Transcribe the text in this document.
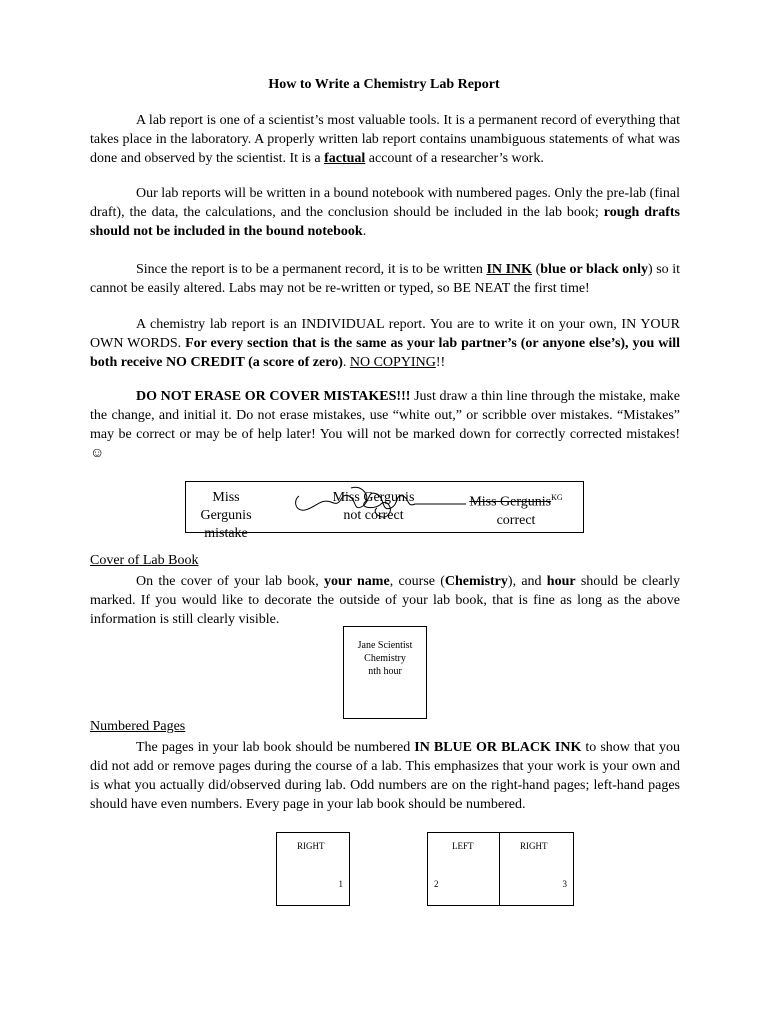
How to Write a Chemistry Lab Report
A lab report is one of a scientist’s most valuable tools. It is a permanent record of everything that takes place in the laboratory. A properly written lab report contains unambiguous statements of what was done and observed by the scientist. It is a factual account of a researcher’s work.
Our lab reports will be written in a bound notebook with numbered pages. Only the pre-lab (final draft), the data, the calculations, and the conclusion should be included in the lab book; rough drafts should not be included in the bound notebook.
Since the report is to be a permanent record, it is to be written IN INK (blue or black only) so it cannot be easily altered. Labs may not be re-written or typed, so BE NEAT the first time!
A chemistry lab report is an INDIVIDUAL report. You are to write it on your own, IN YOUR OWN WORDS. For every section that is the same as your lab partner’s (or anyone else’s), you will both receive NO CREDIT (a score of zero). NO COPYING!!
DO NOT ERASE OR COVER MISTAKES!!! Just draw a thin line through the mistake, make the change, and initial it. Do not erase mistakes, use “white out,” or scribble over mistakes. “Mistakes” may be correct or may be of help later! You will not be marked down for correctly corrected mistakes! ☺
Miss Gergunis
mistake
Miss Gergunis
not correct
Miss Gergunis$^{KG}$
correct
Cover of Lab Book
On the cover of your lab book, your name, course (Chemistry), and hour should be clearly marked. If you would like to decorate the outside of your lab book, that is fine as long as the above information is still clearly visible.
Jane Scientist
Chemistry
nth hour
Numbered Pages
The pages in your lab book should be numbered IN BLUE OR BLACK INK to show that you did not add or remove pages during the course of a lab. This emphasizes that your work is your own and is what you actually did/observed during lab. Odd numbers are on the right-hand pages; left-hand pages should have even numbers. Every page in your lab book should be numbered.
RIGHT
1
LEFT
2
RIGHT
3
